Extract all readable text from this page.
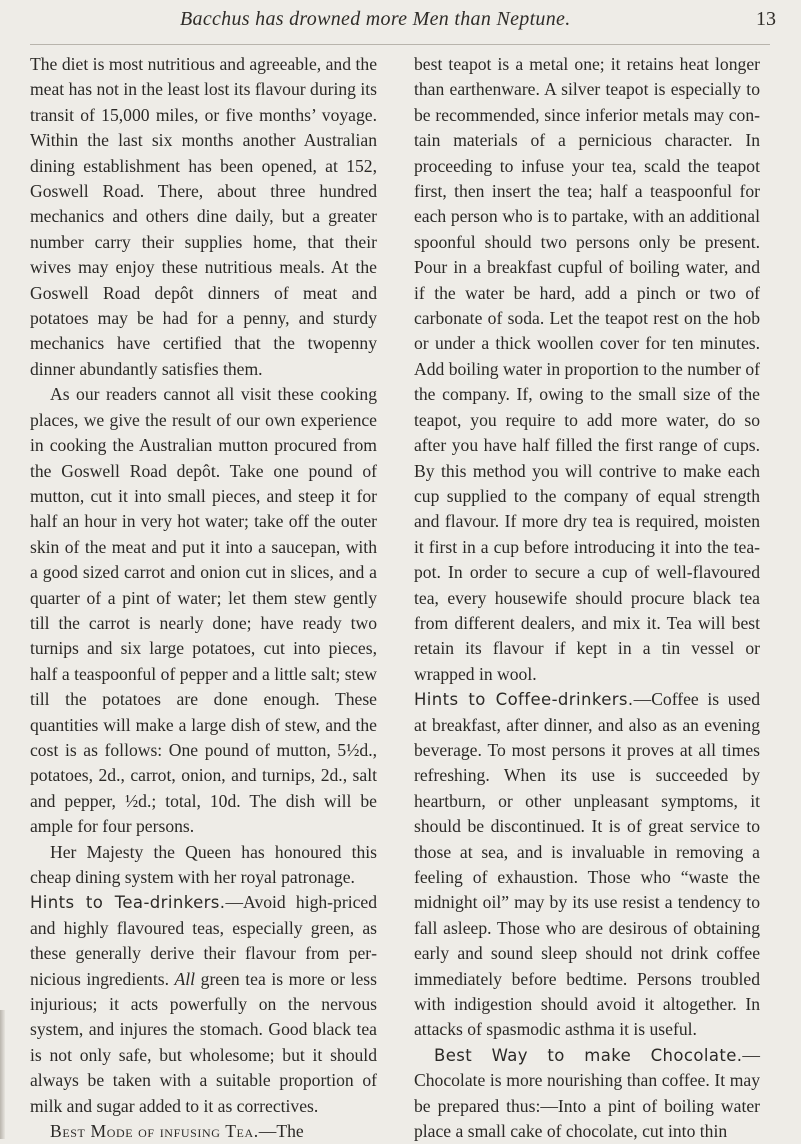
Bacchus has drowned more Men than Neptune.	13

The diet is most nutritious and agreeable, and the meat has not in the least lost its flavour during its transit of 15,000 miles, or five months’ voyage. Within the last six months another Australian dining establishment has been opened, at 152, Goswell Road. There, about three hundred mechanics and others dine daily, but a greater number carry their supplies home, that their wives may enjoy these nutritious meals. At the Goswell Road depôt dinners of meat and potatoes may be had for a penny, and sturdy mechanics have certified that the twopenny dinner abundantly satisfies them.

As our readers cannot all visit these cooking places, we give the result of our own experience in cooking the Australian mutton procured from the Goswell Road depôt. Take one pound of mutton, cut it into small pieces, and steep it for half an hour in very hot water; take off the outer skin of the meat and put it into a saucepan, with a good sized carrot and onion cut in slices, and a quarter of a pint of water; let them stew gently till the carrot is nearly done; have ready two turnips and six large potatoes, cut into pieces, half a teaspoonful of pepper and a little salt; stew till the potatoes are done enough. These quantities will make a large dish of stew, and the cost is as follows: One pound of mutton, 5½d., potatoes, 2d., carrot, onion, and turnips, 2d., salt and pepper, ½d.; total, 10d. The dish will be ample for four persons.

Her Majesty the Queen has honoured this cheap dining system with her royal patronage.

Hints to Tea-drinkers.—Avoid high-priced and highly flavoured teas, especially green, as these generally derive their flavour from pernicious ingredients. All green tea is more or less injurious; it acts powerfully on the nervous system, and injures the stomach. Good black tea is not only safe, but wholesome; but it should always be taken with a suitable proportion of milk and sugar added to it as correctives.

Best Mode of infusing Tea.—The

best teapot is a metal one; it retains heat longer than earthenware. A silver teapot is especially to be recommended, since inferior metals may contain materials of a pernicious character. In proceeding to infuse your tea, scald the teapot first, then insert the tea; half a teaspoonful for each person who is to partake, with an additional spoonful should two persons only be present. Pour in a breakfast cupful of boiling water, and if the water be hard, add a pinch or two of carbonate of soda. Let the teapot rest on the hob or under a thick woollen cover for ten minutes. Add boiling water in proportion to the number of the company. If, owing to the small size of the teapot, you require to add more water, do so after you have half filled the first range of cups. By this method you will contrive to make each cup supplied to the company of equal strength and flavour. If more dry tea is required, moisten it first in a cup before introducing it into the teapot. In order to secure a cup of well-flavoured tea, every housewife should procure black tea from different dealers, and mix it. Tea will best retain its flavour if kept in a tin vessel or wrapped in wool.

Hints to Coffee-drinkers.—Coffee is used at breakfast, after dinner, and also as an evening beverage. To most persons it proves at all times refreshing. When its use is succeeded by heartburn, or other unpleasant symptoms, it should be discontinued. It is of great service to those at sea, and is invaluable in removing a feeling of exhaustion. Those who “waste the midnight oil” may by its use resist a tendency to fall asleep. Those who are desirous of obtaining early and sound sleep should not drink coffee immediately before bedtime. Persons troubled with indigestion should avoid it altogether. In attacks of spasmodic asthma it is useful.

Best Way to make Chocolate.—Chocolate is more nourishing than coffee. It may be prepared thus:—Into a pint of boiling water place a small cake of chocolate, cut into thin
